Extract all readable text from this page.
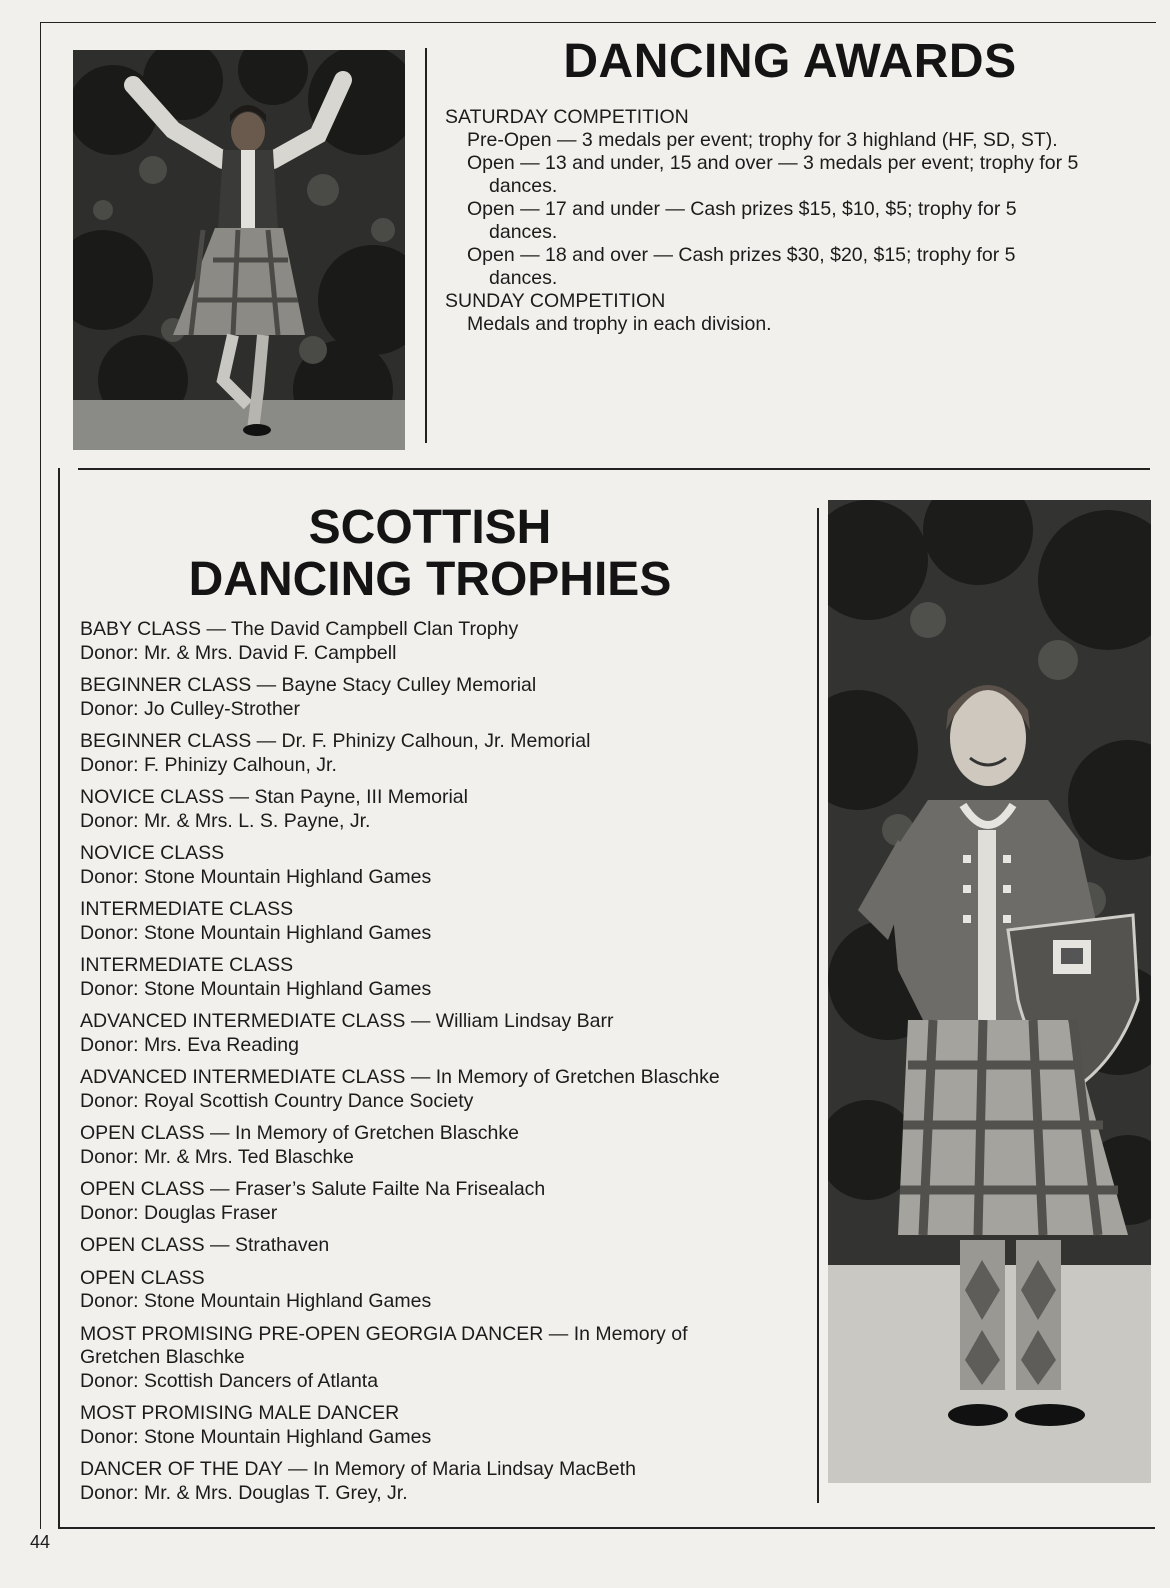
DANCING AWARDS
SATURDAY COMPETITION
Pre-Open — 3 medals per event; trophy for 3 highland (HF, SD, ST).
Open — 13 and under, 15 and over — 3 medals per event; trophy for 5
dances.
Open — 17 and under — Cash prizes $15, $10, $5; trophy for 5
dances.
Open — 18 and over — Cash prizes $30, $20, $15; trophy for 5
dances.
SUNDAY COMPETITION
Medals and trophy in each division.
SCOTTISH
DANCING TROPHIES
BABY CLASS — The David Campbell Clan Trophy
Donor: Mr. & Mrs. David F. Campbell
BEGINNER CLASS — Bayne Stacy Culley Memorial
Donor: Jo Culley-Strother
BEGINNER CLASS — Dr. F. Phinizy Calhoun, Jr. Memorial
Donor: F. Phinizy Calhoun, Jr.
NOVICE CLASS — Stan Payne, III Memorial
Donor: Mr. & Mrs. L. S. Payne, Jr.
NOVICE CLASS
Donor: Stone Mountain Highland Games
INTERMEDIATE CLASS
Donor: Stone Mountain Highland Games
INTERMEDIATE CLASS
Donor: Stone Mountain Highland Games
ADVANCED INTERMEDIATE CLASS — William Lindsay Barr
Donor: Mrs. Eva Reading
ADVANCED INTERMEDIATE CLASS — In Memory of Gretchen Blaschke
Donor: Royal Scottish Country Dance Society
OPEN CLASS — In Memory of Gretchen Blaschke
Donor: Mr. & Mrs. Ted Blaschke
OPEN CLASS — Fraser’s Salute Failte Na Frisealach
Donor: Douglas Fraser
OPEN CLASS — Strathaven
OPEN CLASS
Donor: Stone Mountain Highland Games
MOST PROMISING PRE-OPEN GEORGIA DANCER — In Memory of
Gretchen Blaschke
Donor: Scottish Dancers of Atlanta
MOST PROMISING MALE DANCER
Donor: Stone Mountain Highland Games
DANCER OF THE DAY — In Memory of Maria Lindsay MacBeth
Donor: Mr. & Mrs. Douglas T. Grey, Jr.
44
